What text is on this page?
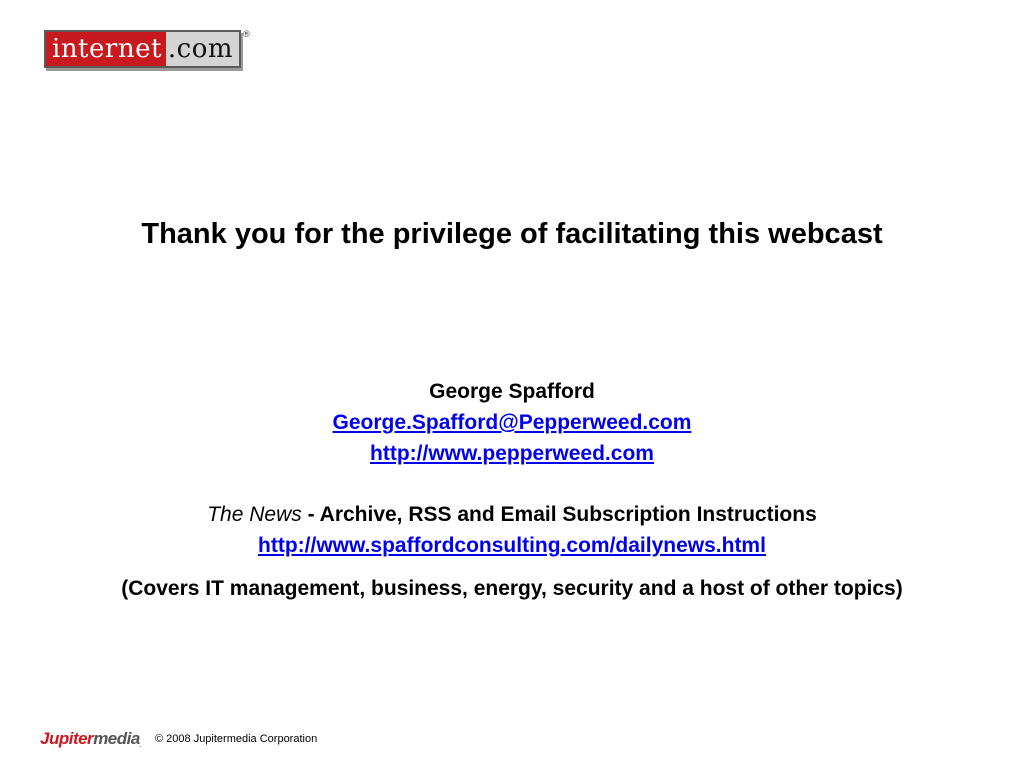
internet .com	®
Thank you for the privilege of facilitating this webcast
George Spafford
George.Spafford@Pepperweed.com
http://www.pepperweed.com
The News - Archive, RSS and Email Subscription Instructions
http://www.spaffordconsulting.com/dailynews.html
(Covers IT management, business, energy, security and a host of other topics)
Jupitermedia.
© 2008 Jupitermedia Corporation
